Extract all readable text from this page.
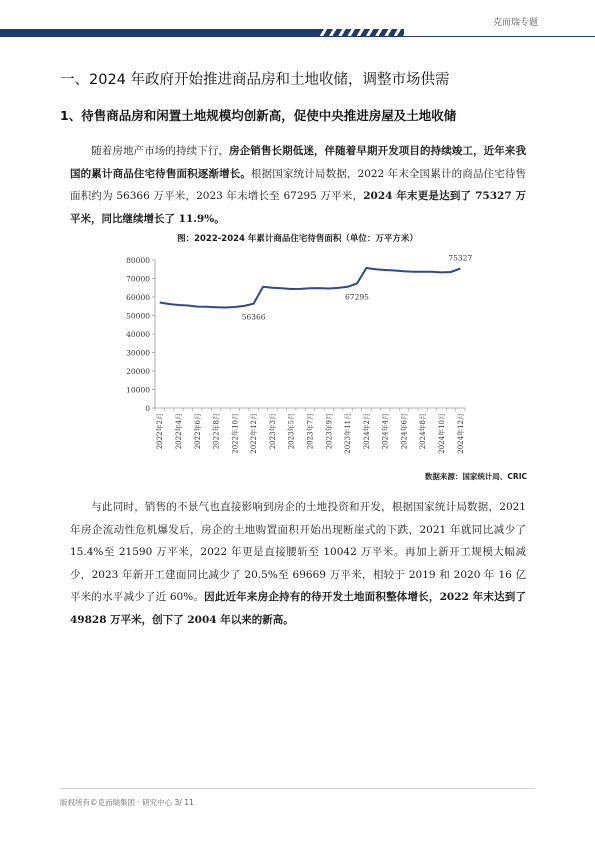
克而瑞专题
一、2024 年政府开始推进商品房和土地收储，调整市场供需
1、待售商品房和闲置土地规模均创新高，促使中央推进房屋及土地收储
随着房地产市场的持续下行，房企销售长期低迷，伴随着早期开发项目的持续竣工，近年来我国的累计商品住宅待售面积逐渐增长。根据国家统计局数据，2022 年末全国累计的商品住宅待售面积约为 56366 万平米，2023 年末增长至 67295 万平米，2024 年末更是达到了 75327 万平米，同比继续增长了 11.9%。
图：2022-2024 年累计商品住宅待售面积（单位：万平方米）
0
10000
20000
30000
40000
50000
60000
70000
80000
2022年2月 2022年4月 2022年6月 2022年8月 2022年10月 2022年12月 2023年3月 2023年5月 2023年7月 2023年9月 2023年11月 2024年2月 2024年4月 2024年6月 2024年8月 2024年10月 2024年12月
56366
67295
75327
数据来源：国家统计局、CRIC
与此同时，销售的不景气也直接影响到房企的土地投资和开发，根据国家统计局数据，2021 年房企流动性危机爆发后，房企的土地购置面积开始出现断崖式的下跌，2021 年就同比减少了 15.4%至 21590 万平米，2022 年更是直接腰斩至 10042 万平米。再加上新开工规模大幅减少，2023 年新开工建面同比减少了 20.5%至 69669 万平米，相较于 2019 和 2020 年 16 亿平米的水平减少了近 60%。因此近年来房企持有的待开发土地面积整体增长，2022 年末达到了 49828 万平米，创下了 2004 年以来的新高。
版权所有©克而瑞集团 · 研究中心 3/ 11
